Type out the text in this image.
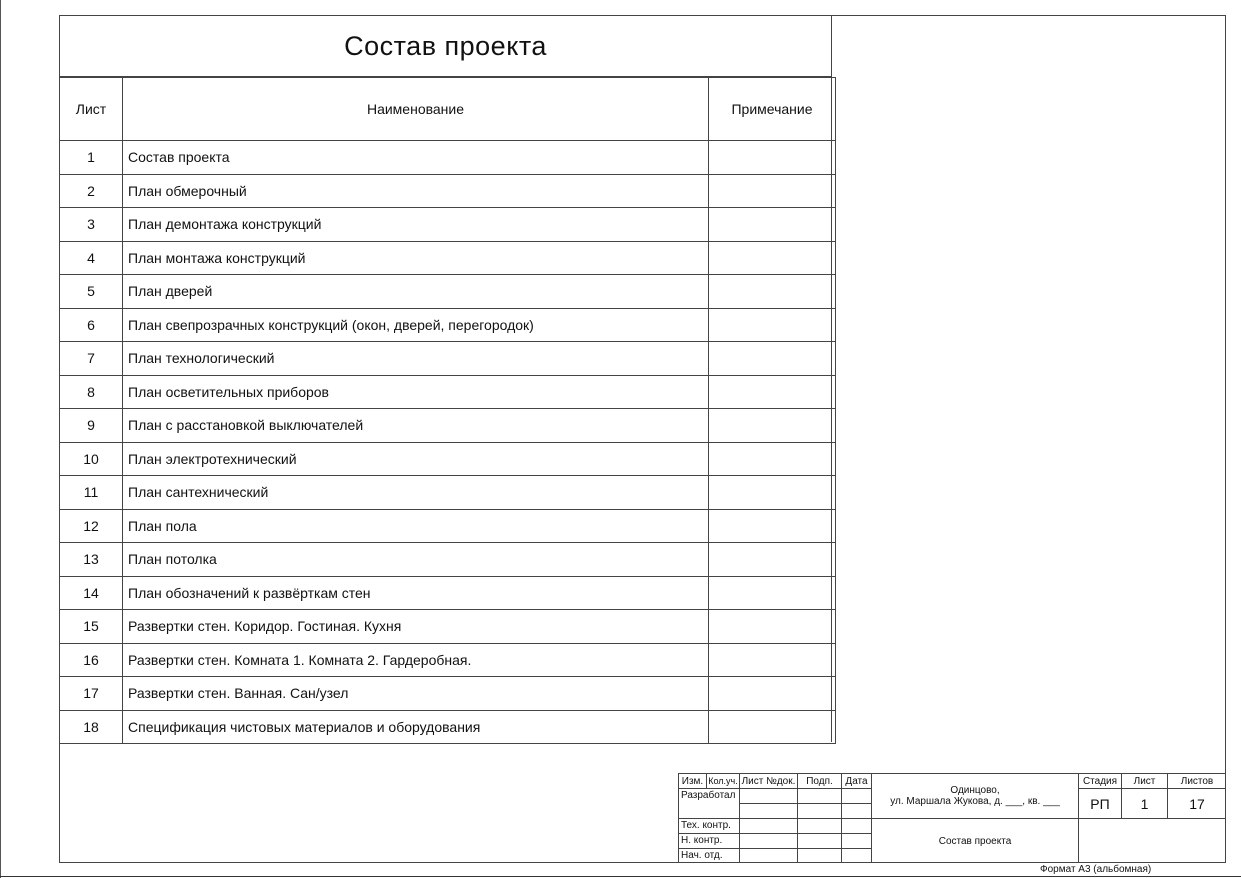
Состав проекта
Лист	Наименование	Примечание
1	Состав проекта	
2	План обмерочный	
3	План демонтажа конструкций	
4	План монтажа конструкций	
5	План дверей	
6	План свепрозрачных конструкций (окон, дверей, перегородок)	
7	План технологический	
8	План осветительных приборов	
9	План с расстановкой выключателей	
10	План электротехнический	
11	План сантехнический	
12	План пола	
13	План потолка	
14	План обозначений к развёрткам стен	
15	Развертки стен. Коридор. Гостиная. Кухня	
16	Развертки стен. Комната 1. Комната 2. Гардеробная.	
17	Развертки стен. Ванная. Сан/узел	
18	Спецификация чистовых материалов и оборудования	
Изм. Кол.уч. Лист №док.	Подп.	Дата
Разработал
Тех. контр.
Н. контр.
Нач. отд.
Одинцово,
ул. Маршала Жукова, д. ___, кв. ___
Состав проекта
Стадия	Лист	Листов
РП	1	17
Формат А3 (альбомная)
